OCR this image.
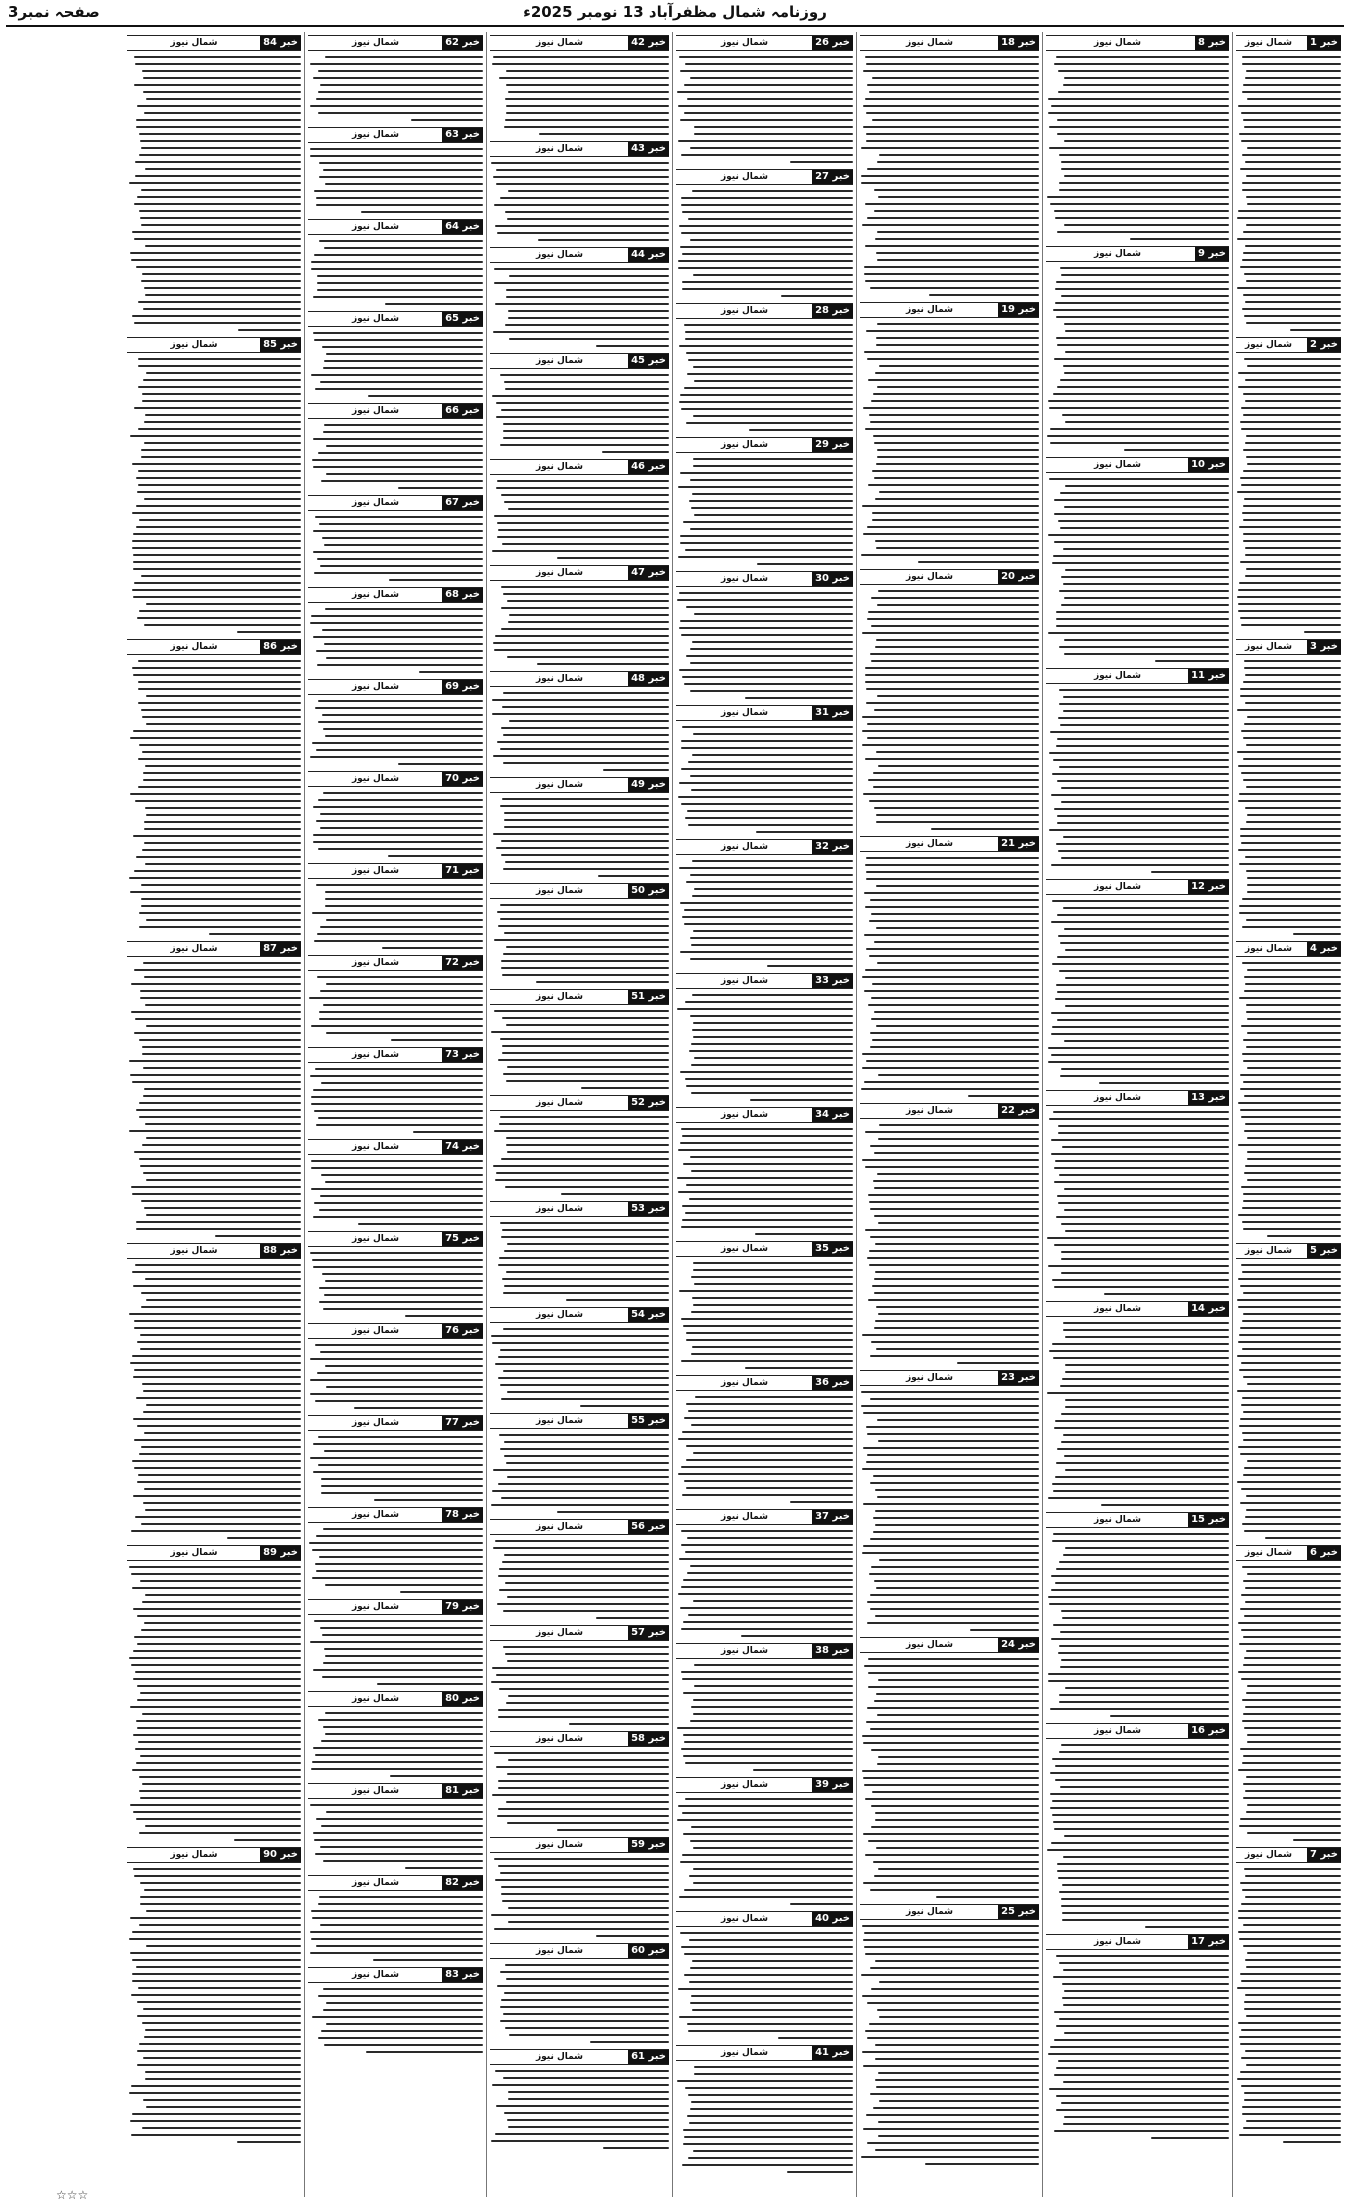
صفحہ نمبر3	روزنامہ شمال مظفرآباد 13 نومبر 2025ء
خبر 1
شمال نیوز
خبر 2
شمال نیوز
خبر 3
شمال نیوز
خبر 4
شمال نیوز
خبر 5
شمال نیوز
خبر 6
شمال نیوز
خبر 7
شمال نیوز
خبر 8
شمال نیوز
خبر 9
شمال نیوز
خبر 10
شمال نیوز
خبر 11
شمال نیوز
خبر 12
شمال نیوز
خبر 13
شمال نیوز
خبر 14
شمال نیوز
خبر 15
شمال نیوز
خبر 16
شمال نیوز
خبر 17
شمال نیوز
خبر 18
شمال نیوز
خبر 19
شمال نیوز
خبر 20
شمال نیوز
خبر 21
شمال نیوز
خبر 22
شمال نیوز
خبر 23
شمال نیوز
خبر 24
شمال نیوز
خبر 25
شمال نیوز
خبر 26
شمال نیوز
خبر 27
شمال نیوز
خبر 28
شمال نیوز
خبر 29
شمال نیوز
خبر 30
شمال نیوز
خبر 31
شمال نیوز
خبر 32
شمال نیوز
خبر 33
شمال نیوز
خبر 34
شمال نیوز
خبر 35
شمال نیوز
خبر 36
شمال نیوز
خبر 37
شمال نیوز
خبر 38
شمال نیوز
خبر 39
شمال نیوز
خبر 40
شمال نیوز
خبر 41
شمال نیوز
خبر 42
شمال نیوز
خبر 43
شمال نیوز
خبر 44
شمال نیوز
خبر 45
شمال نیوز
خبر 46
شمال نیوز
خبر 47
شمال نیوز
خبر 48
شمال نیوز
خبر 49
شمال نیوز
خبر 50
شمال نیوز
خبر 51
شمال نیوز
خبر 52
شمال نیوز
خبر 53
شمال نیوز
خبر 54
شمال نیوز
خبر 55
شمال نیوز
خبر 56
شمال نیوز
خبر 57
شمال نیوز
خبر 58
شمال نیوز
خبر 59
شمال نیوز
خبر 60
شمال نیوز
خبر 61
شمال نیوز
خبر 62
شمال نیوز
خبر 63
شمال نیوز
خبر 64
شمال نیوز
خبر 65
شمال نیوز
خبر 66
شمال نیوز
خبر 67
شمال نیوز
خبر 68
شمال نیوز
خبر 69
شمال نیوز
خبر 70
شمال نیوز
خبر 71
شمال نیوز
خبر 72
شمال نیوز
خبر 73
شمال نیوز
خبر 74
شمال نیوز
خبر 75
شمال نیوز
خبر 76
شمال نیوز
خبر 77
شمال نیوز
خبر 78
شمال نیوز
خبر 79
شمال نیوز
خبر 80
شمال نیوز
خبر 81
شمال نیوز
خبر 82
شمال نیوز
خبر 83
شمال نیوز
خبر 84
شمال نیوز
خبر 85
شمال نیوز
خبر 86
شمال نیوز
خبر 87
شمال نیوز
خبر 88
شمال نیوز
خبر 89
شمال نیوز
خبر 90
شمال نیوز
☆☆☆
